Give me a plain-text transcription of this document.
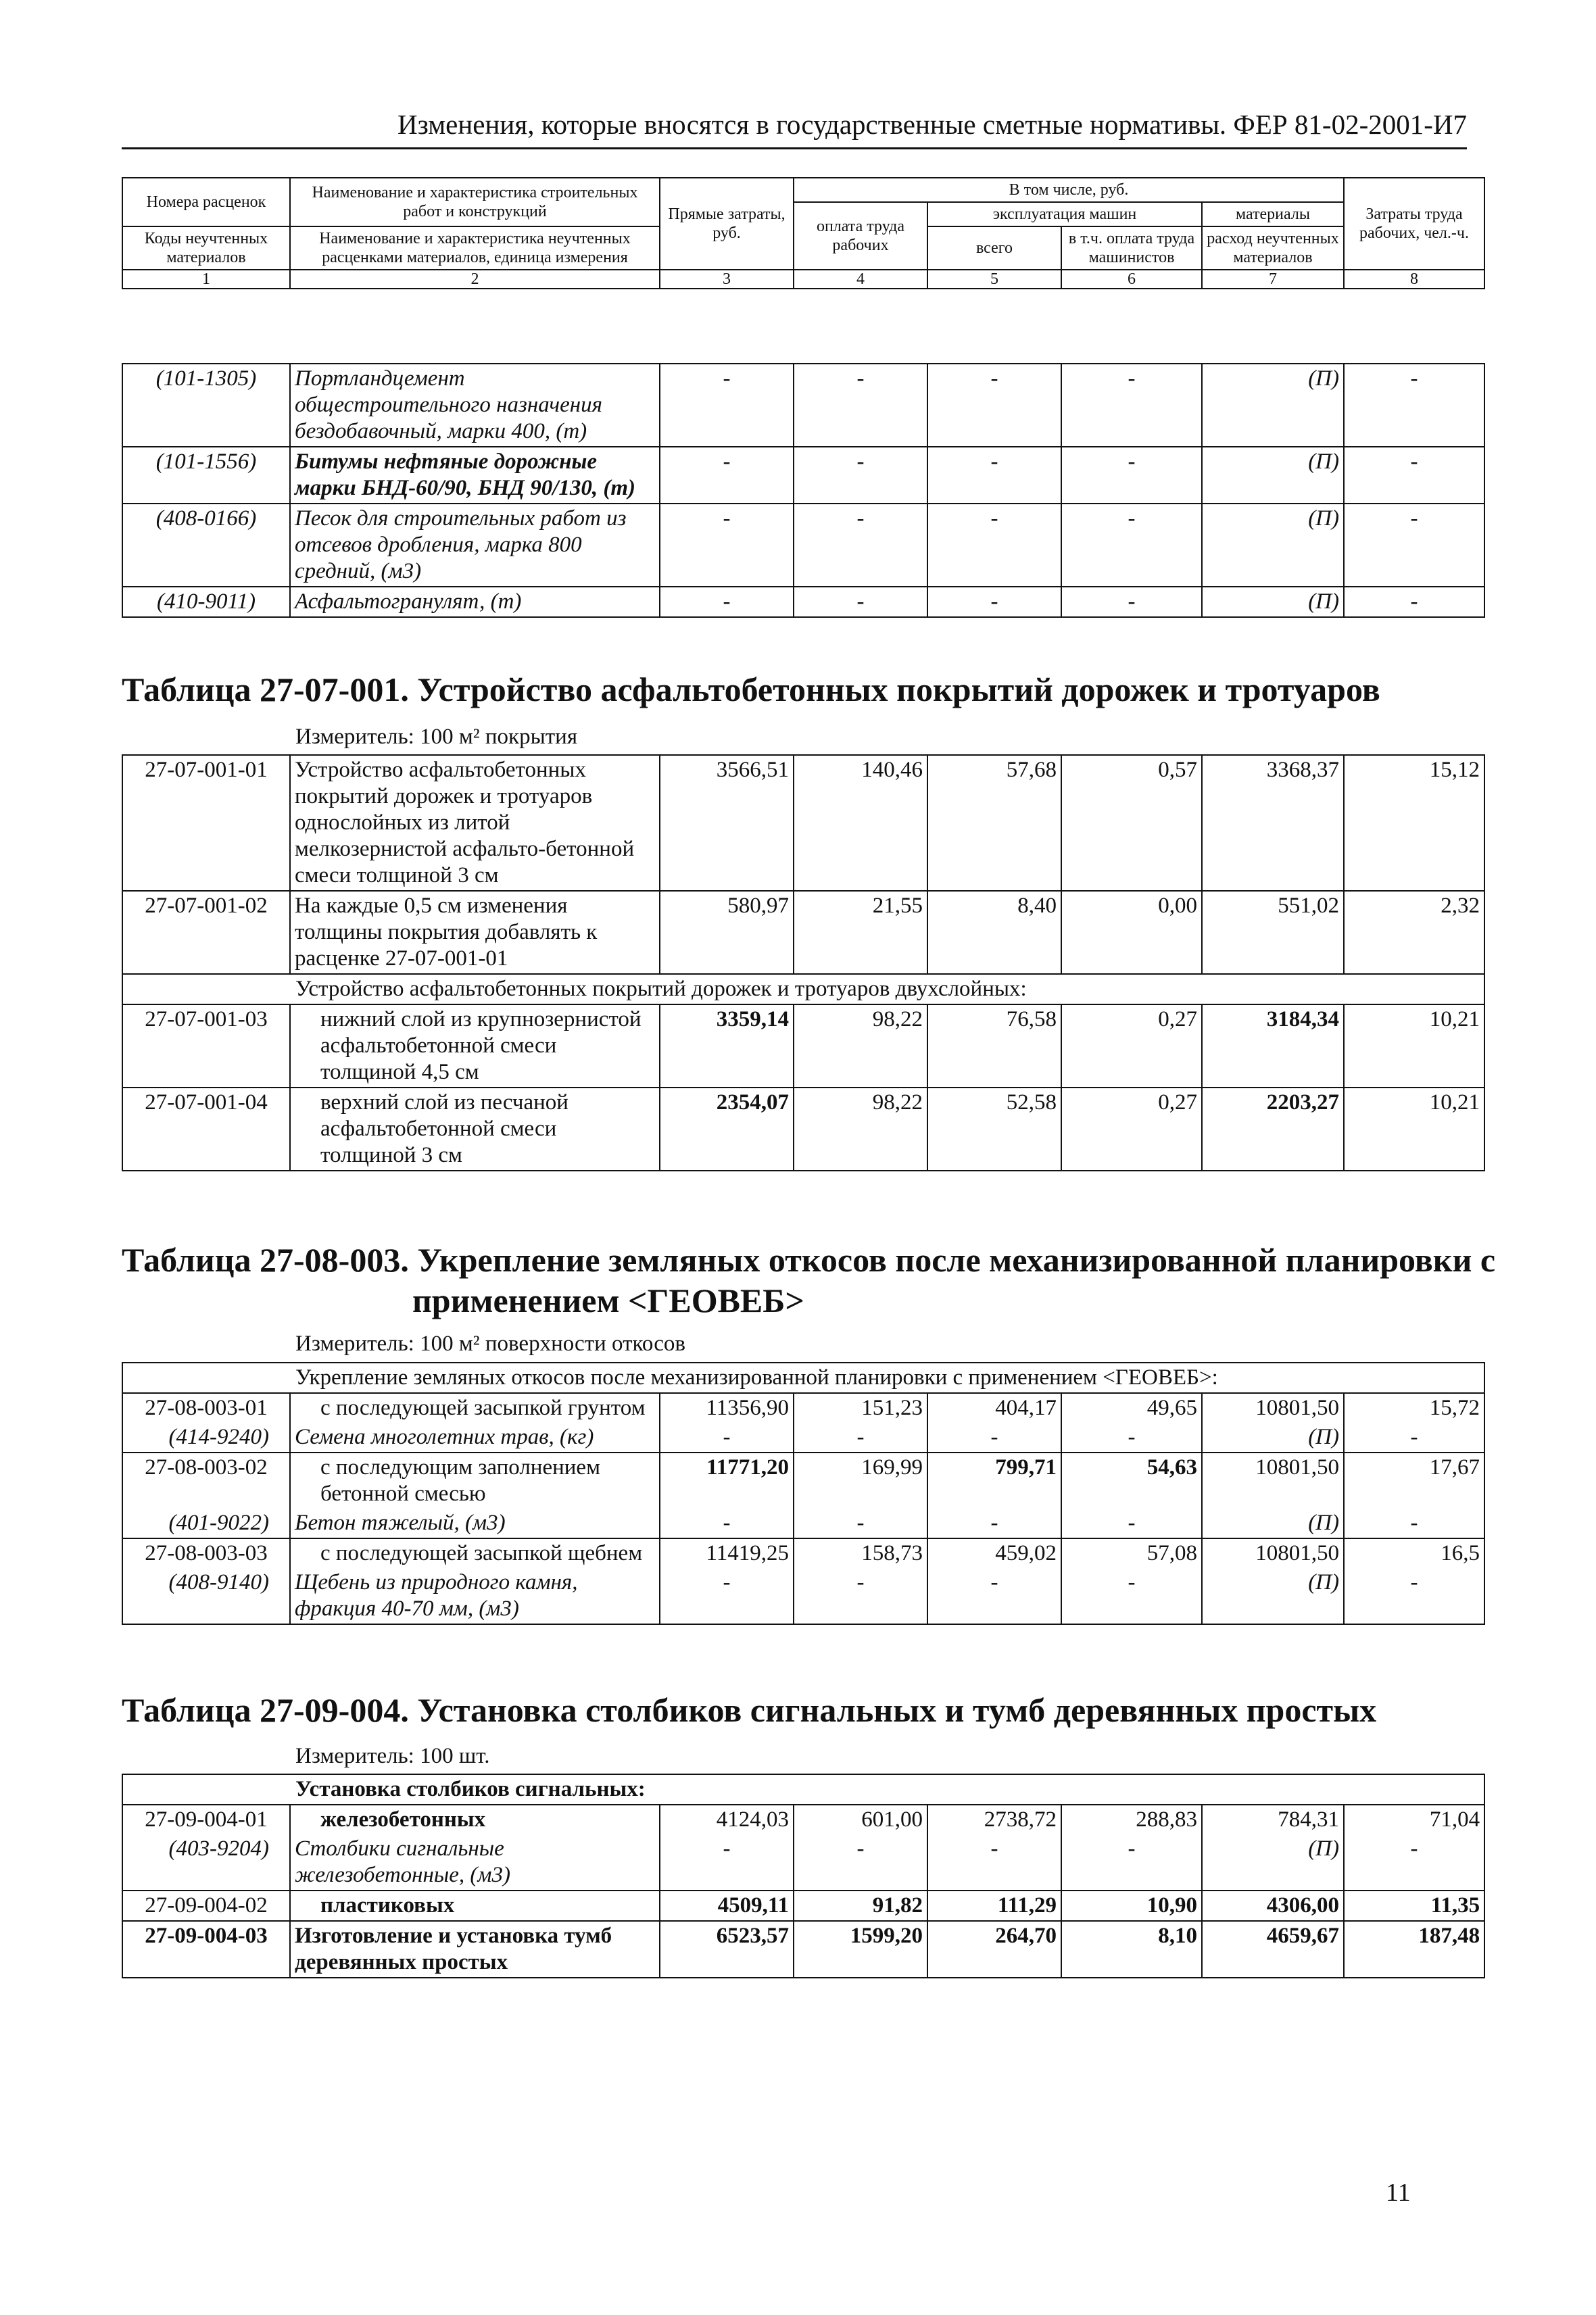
Изменения, которые вносятся в государственные сметные нормативы. ФЕР 81-02-2001-И7
Номера расценок	Наименование и характеристика строительных работ и конструкций	Прямые затраты, руб.	В том числе, руб.				Затраты труда рабочих, чел.-ч.
			оплата труда рабочих	эксплуатация машин		материалы	
Коды неучтенных материалов	Наименование и характеристика неучтенных расценками материалов, единица измерения			всего	в т.ч. оплата труда машинистов	расход неучтенных материалов	

1	2	3	4	5	6	7	8
(101-1305)	Портландцемент общестроительного назначения бездобавочный, марки 400, (т)	-	-	-	-	(П)	-
(101-1556)	Битумы нефтяные дорожные марки БНД-60/90, БНД 90/130, (т)	-	-	-	-	(П)	-
(408-0166)	Песок для строительных работ из отсевов дробления, марка 800 средний, (м3)	-	-	-	-	(П)	-
(410-9011)	Асфальтогранулят, (т)	-	-	-	-	(П)	-
Таблица 27-07-001. Устройство асфальтобетонных покрытий дорожек и тротуаров
Измеритель: 100 м² покрытия
27-07-001-01	Устройство асфальтобетонных покрытий дорожек и тротуаров однослойных из литой мелкозернистой асфальто-бетонной смеси толщиной 3 см	3566,51	140,46	57,68	0,57	3368,37	15,12
27-07-001-02	На каждые 0,5 см изменения толщины покрытия добавлять к расценке 27-07-001-01	580,97	21,55	8,40	0,00	551,02	2,32
Устройство асфальтобетонных покрытий дорожек и тротуаров двухслойных:							
27-07-001-03	нижний слой из крупнозернистой асфальтобетонной смеси толщиной 4,5 см	3359,14	98,22	76,58	0,27	3184,34	10,21
27-07-001-04	верхний слой из песчаной асфальтобетонной смеси толщиной 3 см	2354,07	98,22	52,58	0,27	2203,27	10,21
Таблица 27-08-003. Укрепление земляных откосов после механизированной планировки с
применением <ГЕОВЕБ>
Измеритель: 100 м² поверхности откосов
Укрепление земляных откосов после механизированной планировки с применением <ГЕОВЕБ>:							
27-08-003-01	с последующей засыпкой грунтом	11356,90	151,23	404,17	49,65	10801,50	15,72
(414-9240)	Семена многолетних трав, (кг)	-	-	-	-	(П)	-
27-08-003-02	с последующим заполнением бетонной смесью	11771,20	169,99	799,71	54,63	10801,50	17,67
(401-9022)	Бетон тяжелый, (м3)	-	-	-	-	(П)	-
27-08-003-03	с последующей засыпкой щебнем	11419,25	158,73	459,02	57,08	10801,50	16,5
(408-9140)	Щебень из природного камня, фракция 40-70 мм, (м3)	-	-	-	-	(П)	-
Таблица 27-09-004. Установка столбиков сигнальных и тумб деревянных простых
Измеритель: 100 шт.
Установка столбиков сигнальных:							
27-09-004-01	железобетонных	4124,03	601,00	2738,72	288,83	784,31	71,04
(403-9204)	Столбики сигнальные железобетонные, (м3)	-	-	-	-	(П)	-
27-09-004-02	пластиковых	4509,11	91,82	111,29	10,90	4306,00	11,35
27-09-004-03	Изготовление и установка тумб деревянных простых	6523,57	1599,20	264,70	8,10	4659,67	187,48
11
